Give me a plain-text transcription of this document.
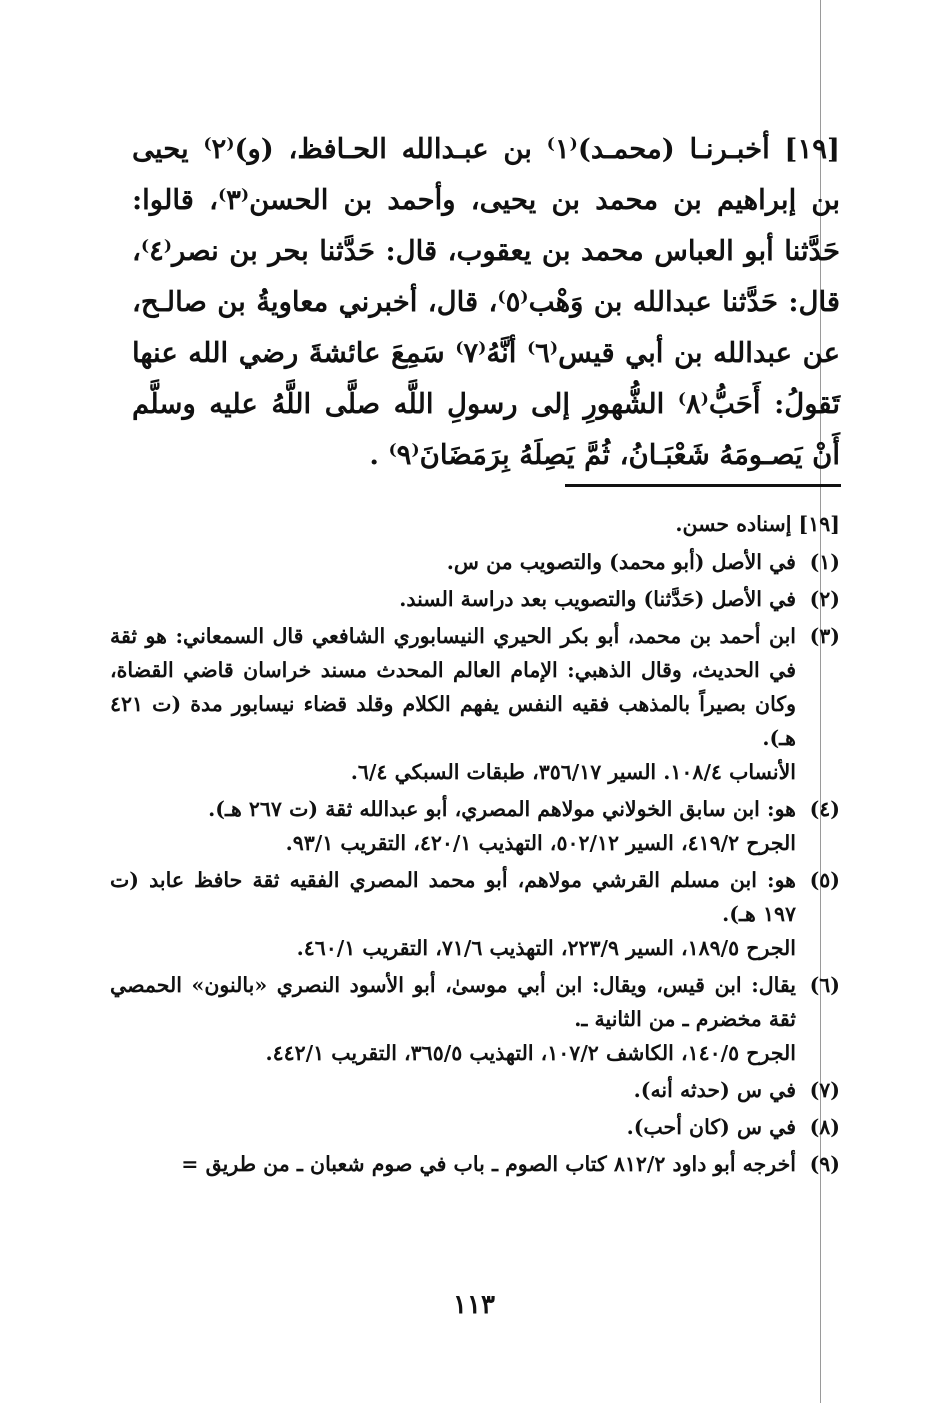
[١٩] أخبـرنـا (محمـد)⁽١⁾ بن عبـدالله الحـافظ، (و)⁽٢⁾ يحيى بن إبراهيم بن محمد بن يحيى، وأحمد بن الحسن⁽٣⁾، قالوا: حَدَّثنا أبو العباس محمد بن يعقوب، قال: حَدَّثنا بحر بن نصر⁽٤⁾، قال: حَدَّثنا عبدالله بن وَهْب⁽٥⁾، قال، أخبرني معاويةُ بن صالـح، عن عبدالله بن أبي قيس⁽٦⁾ أنَّهُ⁽٧⁾ سَمِعَ عائشةَ رضي الله عنها تَقولُ: أَحَبُّ⁽٨⁾ الشُّهورِ إلى رسولِ اللَّه صلَّى اللَّهُ عليه وسلَّم أَنْ يَصـومَهُ شَعْبَـانُ، ثُمَّ يَصِلَهُ بِرَمَضَانَ⁽٩⁾ .

[١٩] إسناده حسن.
(١)

في الأصل (أبو محمد) والتصويب من س.

(٢)

في الأصل (حَدَّثنا) والتصويب بعد دراسة السند.

(٣)

ابن أحمد بن محمد، أبو بكر الحيري النيسابوري الشافعي قال السمعاني: هو ثقة في الحديث، وقال الذهبي: الإمام العالم المحدث مسند خراسان قاضي القضاة، وكان بصيراً بالمذهب فقيه النفس يفهم الكلام وقلد قضاء نيسابور مدة (ت ٤٢١ هـ).

الأنساب ١٠٨/٤. السير ٣٥٦/١٧، طبقات السبكي ٦/٤.

(٤)

هو: ابن سابق الخولاني مولاهم المصري، أبو عبدالله ثقة (ت ٢٦٧ هـ).

الجرح ٤١٩/٢، السير ٥٠٢/١٢، التهذيب ٤٢٠/١، التقريب ٩٣/١.

(٥)

هو: ابن مسلم القرشي مولاهم، أبو محمد المصري الفقيه ثقة حافظ عابد (ت ١٩٧ هـ).

الجرح ١٨٩/٥، السير ٢٢٣/٩، التهذيب ٧١/٦، التقريب ٤٦٠/١.

(٦)

يقال: ابن قيس، ويقال: ابن أبي موسىٰ، أبو الأسود النصري «بالنون» الحمصي ثقة مخضرم ـ من الثانية ـ.

الجرح ١٤٠/٥، الكاشف ١٠٧/٢، التهذيب ٣٦٥/٥، التقريب ٤٤٢/١.

(٧)

في س (حدثه أنه).

(٨)

في س (كان أحب).

(٩)

أخرجه أبو داود ٨١٢/٢ كتاب الصوم ـ باب في صوم شعبان ـ من طريق =

١١٣
